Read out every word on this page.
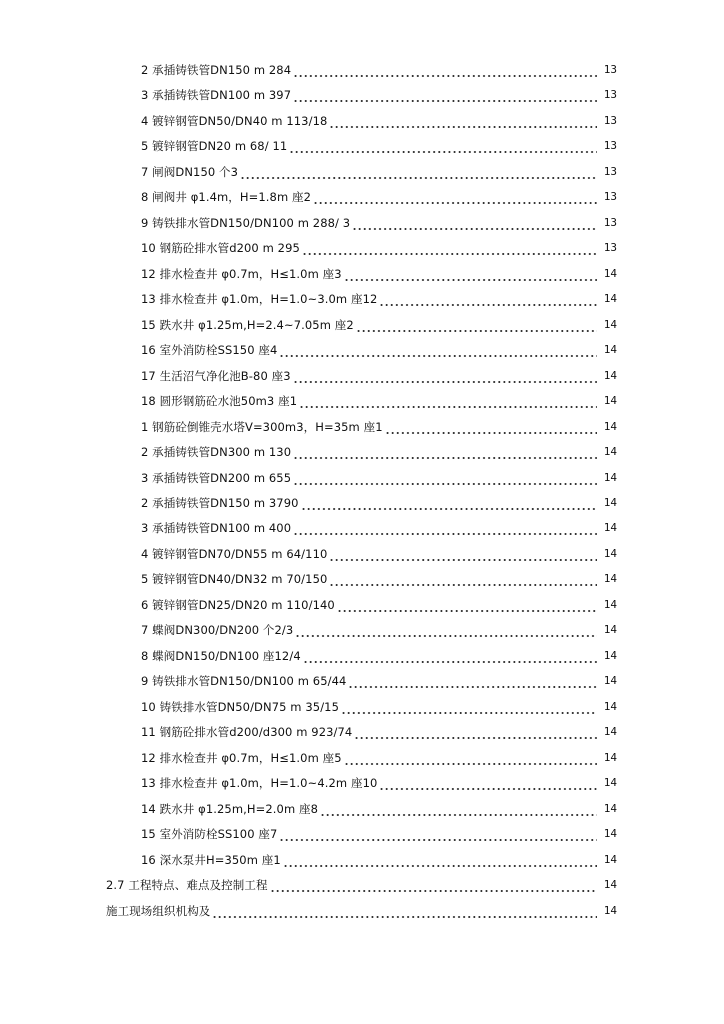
2 承插铸铁管DN150 m 284	13
3 承插铸铁管DN100 m 397	13
4 镀锌钢管DN50/DN40 m 113/18	13
5 镀锌钢管DN20 m 68/ 11	13
7 闸阀DN150 个3	13
8 闸阀井 φ1.4m，H=1.8m 座2	13
9 铸铁排水管DN150/DN100 m 288/ 3	13
10 钢筋砼排水管d200 m 295	13
12 排水检查井 φ0.7m，H≤1.0m 座3	14
13 排水检查井 φ1.0m，H=1.0~3.0m 座12	14
15 跌水井 φ1.25m,H=2.4~7.05m 座2	14
16 室外消防栓SS150 座4	14
17 生活沼气净化池B-80 座3	14
18 圆形钢筋砼水池50m3 座1	14
1 钢筋砼倒锥壳水塔V=300m3，H=35m 座1	14
2 承插铸铁管DN300 m 130	14
3 承插铸铁管DN200 m 655	14
2 承插铸铁管DN150 m 3790	14
3 承插铸铁管DN100 m 400	14
4 镀锌钢管DN70/DN55 m 64/110	14
5 镀锌钢管DN40/DN32 m 70/150	14
6 镀锌钢管DN25/DN20 m 110/140	14
7 蝶阀DN300/DN200 个2/3	14
8 蝶阀DN150/DN100 座12/4	14
9 铸铁排水管DN150/DN100 m 65/44	14
10 铸铁排水管DN50/DN75 m 35/15	14
11 钢筋砼排水管d200/d300 m 923/74	14
12 排水检查井 φ0.7m，H≤1.0m 座5	14
13 排水检查井 φ1.0m，H=1.0~4.2m 座10	14
14 跌水井 φ1.25m,H=2.0m 座8	14
15 室外消防栓SS100 座7	14
16 深水泵井H=350m 座1	14
2.7 工程特点、难点及控制工程	14
施工现场组织机构及	14
